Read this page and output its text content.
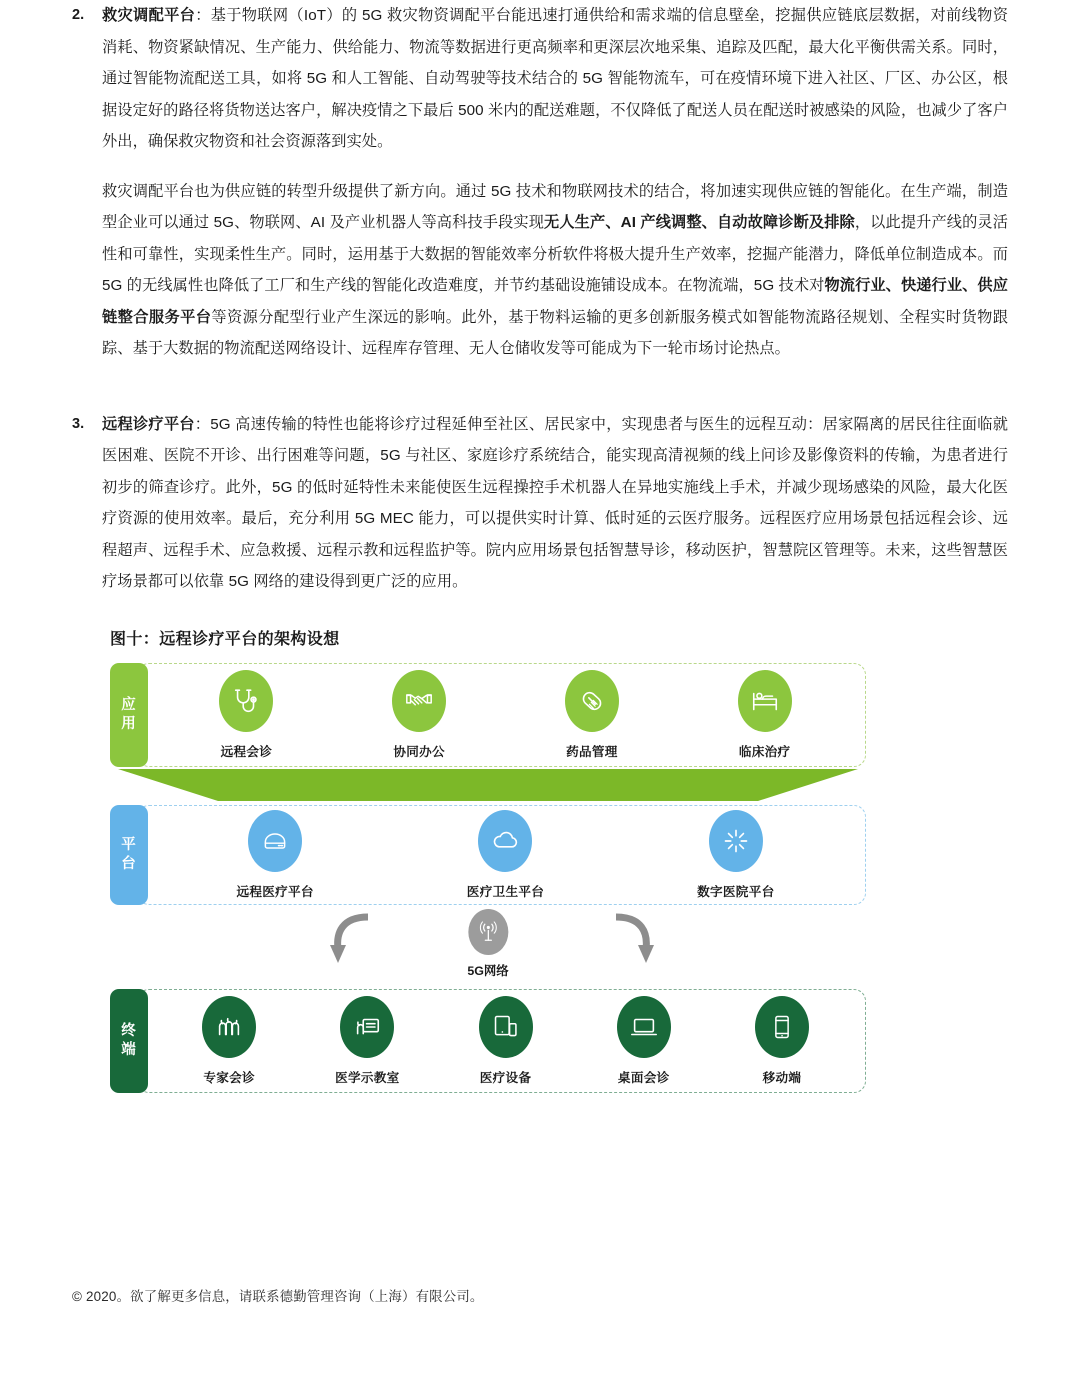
2.	救灾调配平台：基于物联网（IoT）的 5G 救灾物资调配平台能迅速打通供给和需求端的信息壁垒，挖掘供应链底层数据，对前线物资消耗、物资紧缺情况、生产能力、供给能力、物流等数据进行更高频率和更深层次地采集、追踪及匹配，最大化平衡供需关系。同时，通过智能物流配送工具，如将 5G 和人工智能、自动驾驶等技术结合的 5G 智能物流车，可在疫情环境下进入社区、厂区、办公区，根据设定好的路径将货物送达客户，解决疫情之下最后 500 米内的配送难题，不仅降低了配送人员在配送时被感染的风险，也减少了客户外出，确保救灾物资和社会资源落到实处。

救灾调配平台也为供应链的转型升级提供了新方向。通过 5G 技术和物联网技术的结合，将加速实现供应链的智能化。在生产端，制造型企业可以通过 5G、物联网、AI 及产业机器人等高科技手段实现无人生产、AI 产线调整、自动故障诊断及排除，以此提升产线的灵活性和可靠性，实现柔性生产。同时，运用基于大数据的智能效率分析软件将极大提升生产效率，挖掘产能潜力，降低单位制造成本。而 5G 的无线属性也降低了工厂和生产线的智能化改造难度，并节约基础设施铺设成本。在物流端，5G 技术对物流行业、快递行业、供应链整合服务平台等资源分配型行业产生深远的影响。此外，基于物料运输的更多创新服务模式如智能物流路径规划、全程实时货物跟踪、基于大数据的物流配送网络设计、远程库存管理、无人仓储收发等可能成为下一轮市场讨论热点。

3.	远程诊疗平台：5G 高速传输的特性也能将诊疗过程延伸至社区、居民家中，实现患者与医生的远程互动：居家隔离的居民往往面临就医困难、医院不开诊、出行困难等问题，5G 与社区、家庭诊疗系统结合，能实现高清视频的线上问诊及影像资料的传输，为患者进行初步的筛查诊疗。此外，5G 的低时延特性未来能使医生远程操控手术机器人在异地实施线上手术，并减少现场感染的风险，最大化医疗资源的使用效率。最后，充分利用 5G MEC 能力，可以提供实时计算、低时延的云医疗服务。远程医疗应用场景包括远程会诊、远程超声、远程手术、应急救援、远程示教和远程监护等。院内应用场景包括智慧导诊，移动医护，智慧院区管理等。未来，这些智慧医疗场景都可以依靠 5G 网络的建设得到更广泛的应用。

图十：远程诊疗平台的架构设想
应
用
远程会诊	协同办公	药品管理	临床治疗
平
台
远程医疗平台	医疗卫生平台	数字医院平台
5G网络
终
端
专家会诊	医学示教室	医疗设备	桌面会诊	移动端
© 2020。欲了解更多信息，请联系德勤管理咨询（上海）有限公司。
